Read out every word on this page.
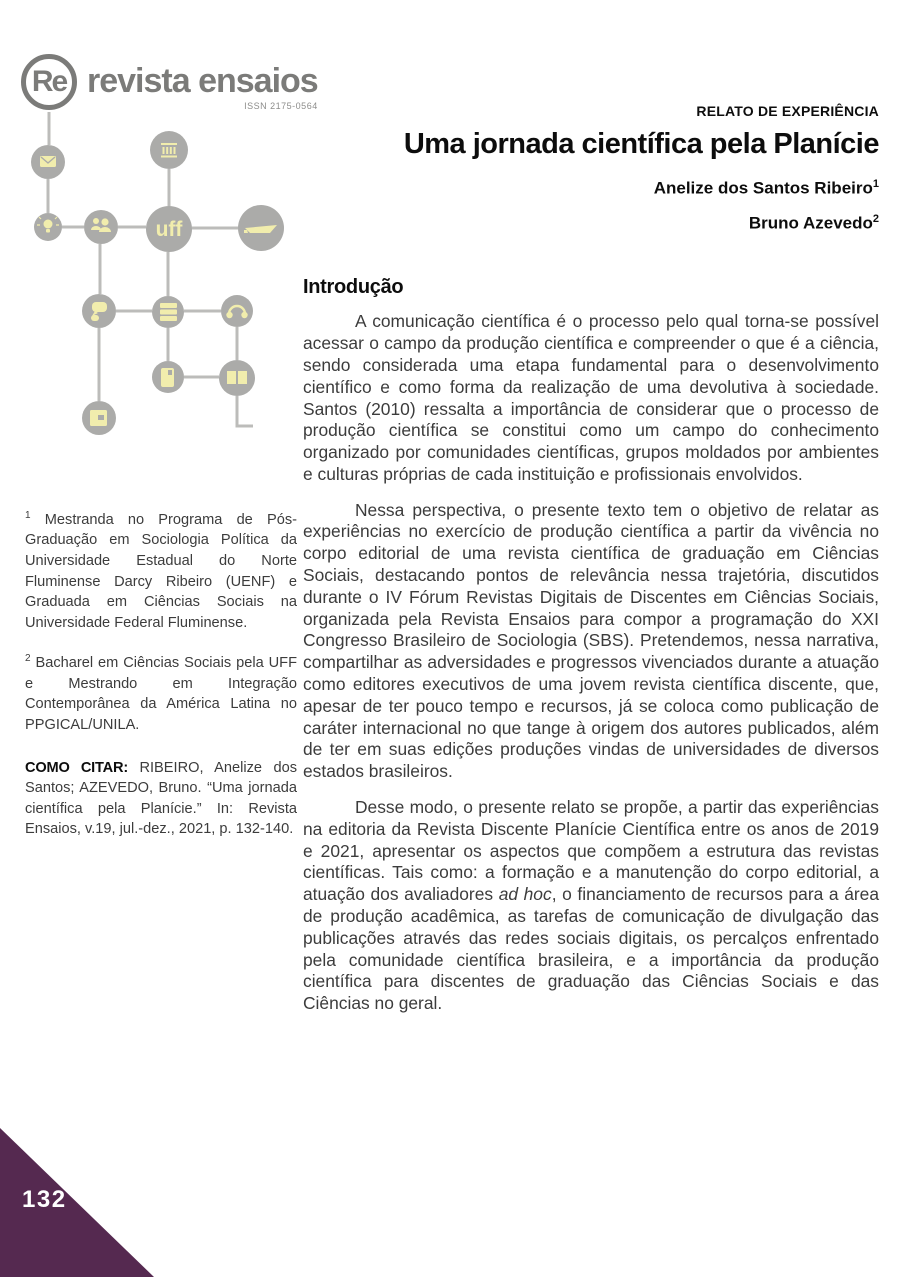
Re revista ensaios
ISSN 2175-0564
uff
RELATO DE EXPERIÊNCIA
Uma jornada científica pela Planície
Anelize dos Santos Ribeiro$^1$
Bruno Azevedo$^2$
Introdução

A comunicação científica é o processo pelo qual torna-se possível acessar o campo da produção científica e compreender o que é a ciência, sendo considerada uma etapa fundamental para o desenvolvimento científico e como forma da realização de uma devolutiva à sociedade. Santos (2010) ressalta a importância de considerar que o processo de produção científica se constitui como um campo do conhecimento organizado por comunidades científicas, grupos moldados por ambientes e culturas próprias de cada instituição e profissionais envolvidos.

Nessa perspectiva, o presente texto tem o objetivo de relatar as experiências no exercício de produção científica a partir da vivência no corpo editorial de uma revista científica de graduação em Ciências Sociais, destacando pontos de relevância nessa trajetória, discutidos durante o IV Fórum Revistas Digitais de Discentes em Ciências Sociais, organizada pela Revista Ensaios para compor a programação do XXI Congresso Brasileiro de Sociologia (SBS). Pretendemos, nessa narrativa, compartilhar as adversidades e progressos vivenciados durante a atuação como editores executivos de uma jovem revista científica discente, que, apesar de ter pouco tempo e recursos, já se coloca como publicação de caráter internacional no que tange à origem dos autores publicados, além de ter em suas edições produções vindas de universidades de diversos estados brasileiros.

Desse modo, o presente relato se propõe, a partir das experiências na editoria da Revista Discente Planície Científica entre os anos de 2019 e 2021, apresentar os aspectos que compõem a estrutura das revistas científicas. Tais como: a formação e a manutenção do corpo editorial, a atuação dos avaliadores ad hoc, o financiamento de recursos para a área de produção acadêmica, as tarefas de comunicação de divulgação das publicações através das redes sociais digitais, os percalços enfrentado pela comunidade científica brasileira, e a importância da produção científica para discentes de graduação das Ciências Sociais e das Ciências no geral.

$^1$ Mestranda no Programa de Pós-Graduação em Sociologia Política da Universidade Estadual do Norte Fluminense Darcy Ribeiro (UENF) e Graduada em Ciências Sociais na Universidade Federal Fluminense.
$^2$ Bacharel em Ciências Sociais pela UFF e Mestrando em Integração Contemporânea da América Latina no PPGICAL/UNILA.
COMO CITAR: RIBEIRO, Anelize dos Santos; AZEVEDO, Bruno. “Uma jornada científica pela Planície.” In: Revista Ensaios, v.19, jul.-dez., 2021, p. 132-140.
132
